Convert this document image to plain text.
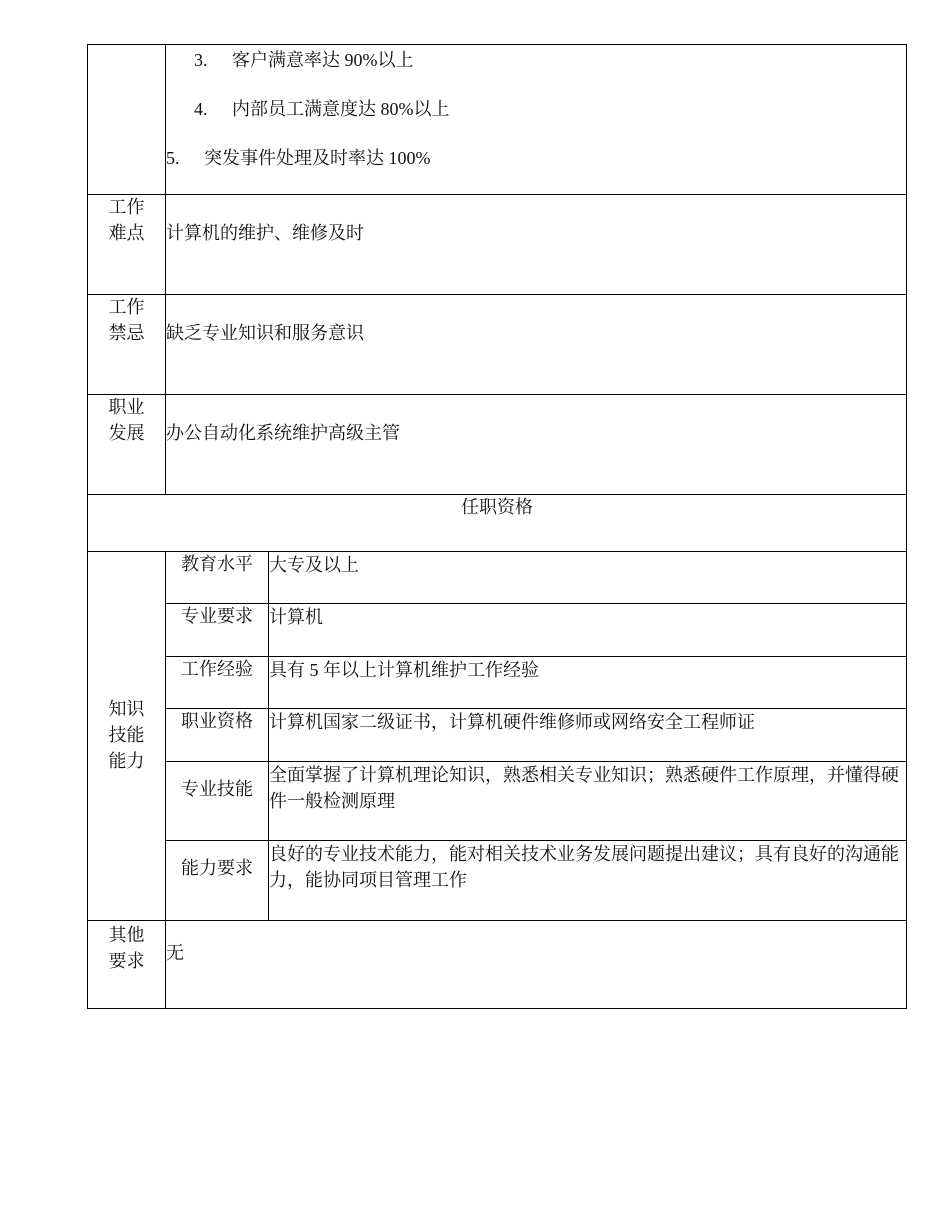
	3. 客户满意率达 90%以上
4. 内部员工满意度达 80%以上
5. 突发事件处理及时率达 100%	

工作
难点	计算机的维护、维修及时	

工作
禁忌	缺乏专业知识和服务意识	

职业
发展	办公自动化系统维护高级主管	

任职资格		

知识
技能
能力	教育水平	大专及以上
	专业要求	计算机
	工作经验	具有 5 年以上计算机维护工作经验
	职业资格	计算机国家二级证书，计算机硬件维修师或网络安全工程师证
	专业技能	全面掌握了计算机理论知识，熟悉相关专业知识；熟悉硬件工作原理，并懂得硬件一般检测原理
	能力要求	良好的专业技术能力，能对相关技术业务发展问题提出建议；具有良好的沟通能力，能协同项目管理工作

其他
要求	无	
